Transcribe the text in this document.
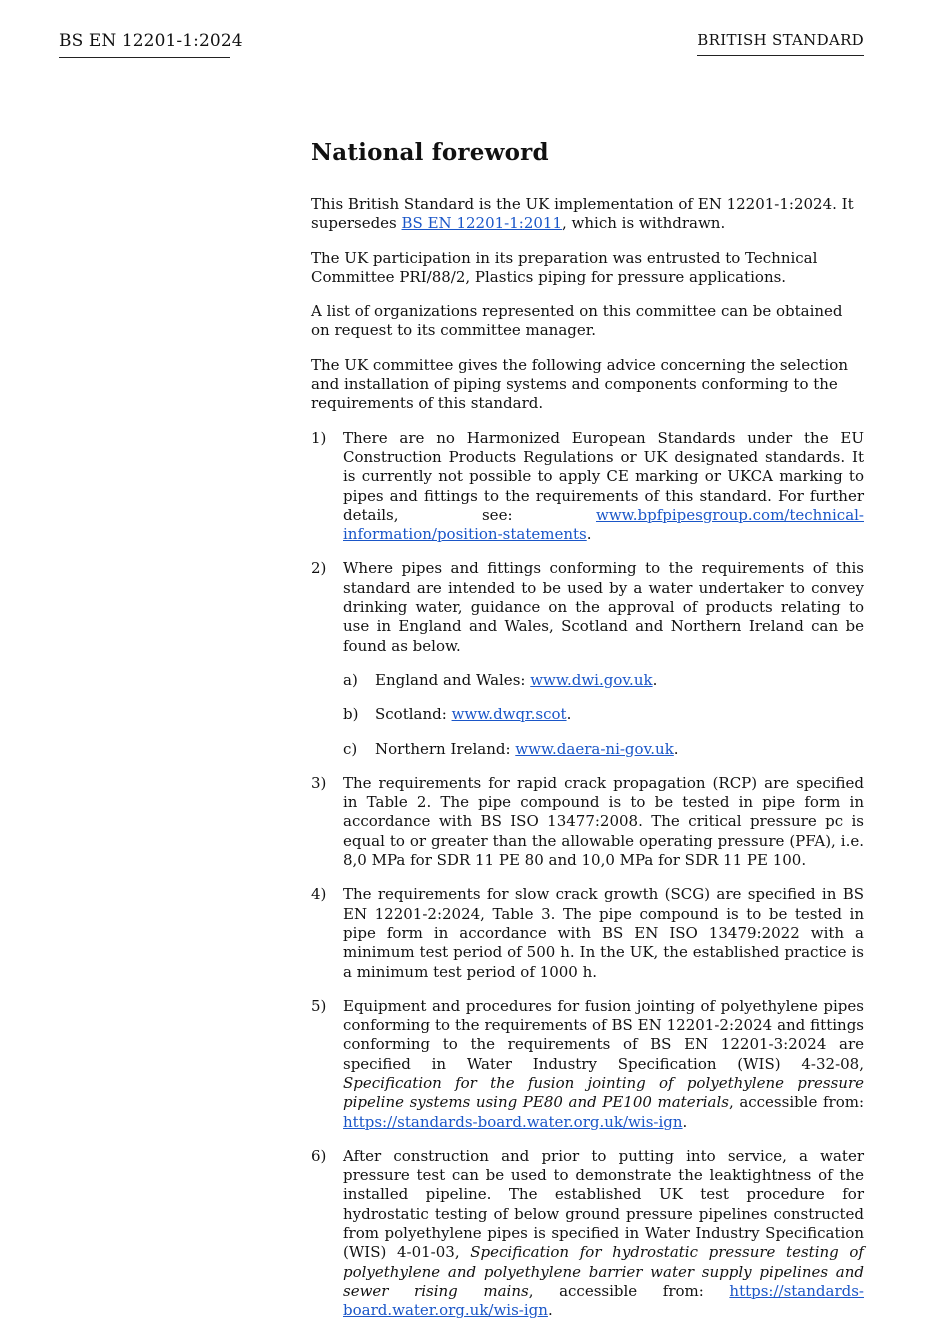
BS EN 12201-1:2024	BRITISH STANDARD
National foreword

This British Standard is the UK implementation of EN 12201-1:2024. It supersedes BS EN 12201-1:2011, which is withdrawn.

The UK participation in its preparation was entrusted to Technical Committee PRI/88/2, Plastics piping for pressure applications.

A list of organizations represented on this committee can be obtained on request to its committee manager.

The UK committee gives the following advice concerning the selection and installation of piping systems and components conforming to the requirements of this standard.

1)	There are no Harmonized European Standards under the EU Construction Products Regulations or UK designated standards. It is currently not possible to apply CE marking or UKCA marking to pipes and fittings to the requirements of this standard. For further details, see: www.bpfpipesgroup.com/technical-information/position-statements.
2)	Where pipes and fittings conforming to the requirements of this standard are intended to be used by a water undertaker to convey drinking water, guidance on the approval of products relating to use in England and Wales, Scotland and Northern Ireland can be found as below.
a)	England and Wales: www.dwi.gov.uk.
b)	Scotland: www.dwqr.scot.
c)	Northern Ireland: www.daera-ni-gov.uk.
3)	The requirements for rapid crack propagation (RCP) are specified in Table 2. The pipe compound is to be tested in pipe form in accordance with BS ISO 13477:2008. The critical pressure pc is equal to or greater than the allowable operating pressure (PFA), i.e. 8,0 MPa for SDR 11 PE 80 and 10,0 MPa for SDR 11 PE 100.
4)	The requirements for slow crack growth (SCG) are specified in BS EN 12201-2:2024, Table 3. The pipe compound is to be tested in pipe form in accordance with BS EN ISO 13479:2022 with a minimum test period of 500 h. In the UK, the established practice is a minimum test period of 1000 h.
5)	Equipment and procedures for fusion jointing of polyethylene pipes conforming to the requirements of BS EN 12201-2:2024 and fittings conforming to the requirements of BS EN 12201-3:2024 are specified in Water Industry Specification (WIS) 4-32-08, Specification for the fusion jointing of polyethylene pressure pipeline systems using PE80 and PE100 materials, accessible from: https://standards-board.water.org.uk/wis-ign.
6)	After construction and prior to putting into service, a water pressure test can be used to demonstrate the leaktightness of the installed pipeline. The established UK test procedure for hydrostatic testing of below ground pressure pipelines constructed from polyethylene pipes is specified in Water Industry Specification (WIS) 4-01-03, Specification for hydrostatic pressure testing of polyethylene and polyethylene barrier water supply pipelines and sewer rising mains, accessible from: https://standards-board.water.org.uk/wis-ign.
